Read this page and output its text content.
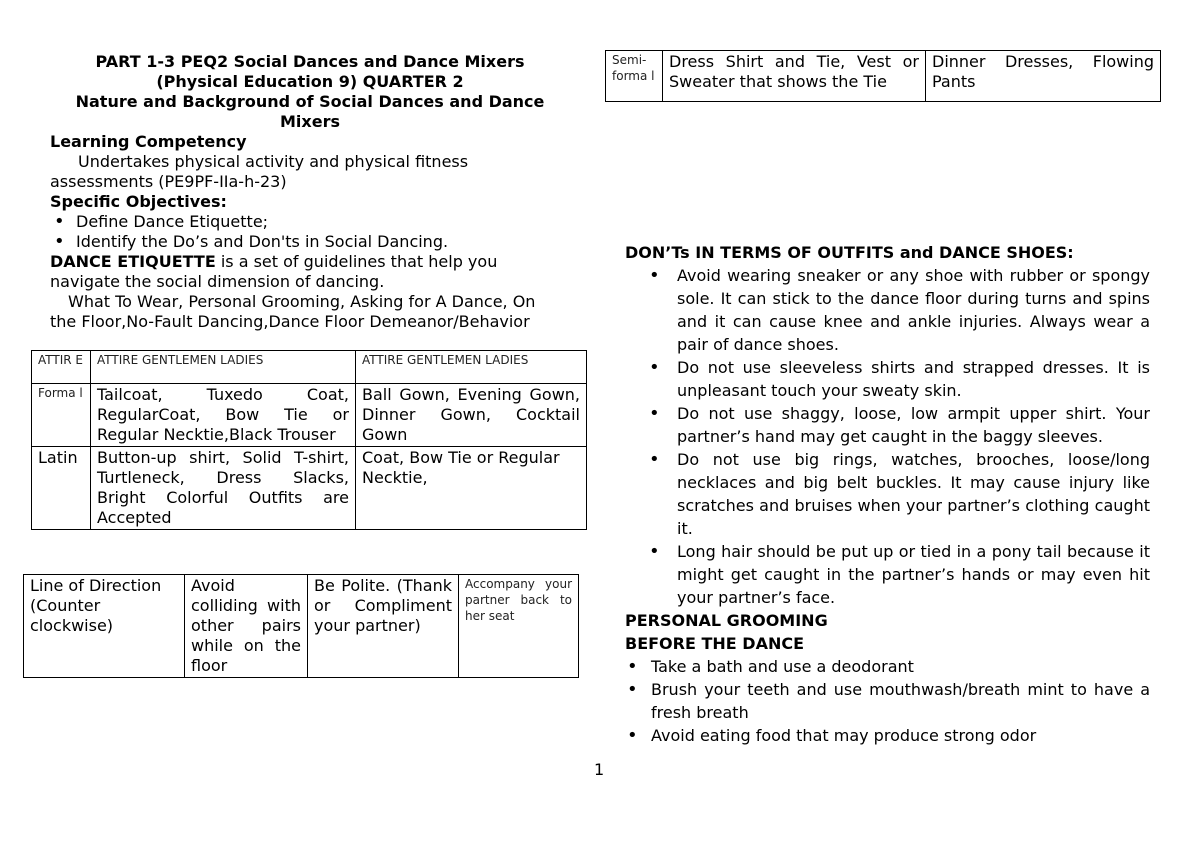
PART 1-3 PEQ2 Social Dances and Dance Mixers
(Physical Education 9) QUARTER 2
Nature and Background of Social Dances and Dance
Mixers
Learning Competency
Undertakes physical activity and physical fitness
assessments (PE9PF-IIa-h-23)
Specific Objectives:
• Define Dance Etiquette;
• Identify the Do’s and Don'ts in Social Dancing.
DANCE ETIQUETTE is a set of guidelines that help you
navigate the social dimension of dancing.
What To Wear, Personal Grooming, Asking for A Dance, On
the Floor,No-Fault Dancing,Dance Floor Demeanor/Behavior
ATTIR E	ATTIRE GENTLEMEN LADIES	ATTIRE GENTLEMEN LADIES
Forma l	Tailcoat, Tuxedo Coat, RegularCoat, Bow Tie or Regular Necktie,Black Trouser	Ball Gown, Evening Gown, Dinner Gown, Cocktail Gown
Latin	Button-up shirt, Solid T-shirt, Turtleneck, Dress Slacks, Bright Colorful Outfits are Accepted	Coat, Bow Tie or Regular Necktie,
Line of Direction (Counter clockwise)	Avoid colliding with other pairs while on the floor	Be Polite. (Thank or Compliment your partner)	Accompany your partner back to her seat
Semi- forma l	Dress Shirt and Tie, Vest or Sweater that shows the Tie	Dinner Dresses, Flowing Pants
DON’Ts IN TERMS OF OUTFITS and DANCE SHOES:
• Avoid wearing sneaker or any shoe with rubber or spongy sole. It can stick to the dance floor during turns and spins and it can cause knee and ankle injuries. Always wear a pair of dance shoes.
• Do not use sleeveless shirts and strapped dresses. It is unpleasant touch your sweaty skin.
• Do not use shaggy, loose, low armpit upper shirt. Your partner’s hand may get caught in the baggy sleeves.
• Do not use big rings, watches, brooches, loose/long necklaces and big belt buckles. It may cause injury like scratches and bruises when your partner’s clothing caught it.
• Long hair should be put up or tied in a pony tail because it might get caught in the partner’s hands or may even hit your partner’s face.
PERSONAL GROOMING
BEFORE THE DANCE
• Take a bath and use a deodorant
• Brush your teeth and use mouthwash/breath mint to have a fresh breath
• Avoid eating food that may produce strong odor
1
